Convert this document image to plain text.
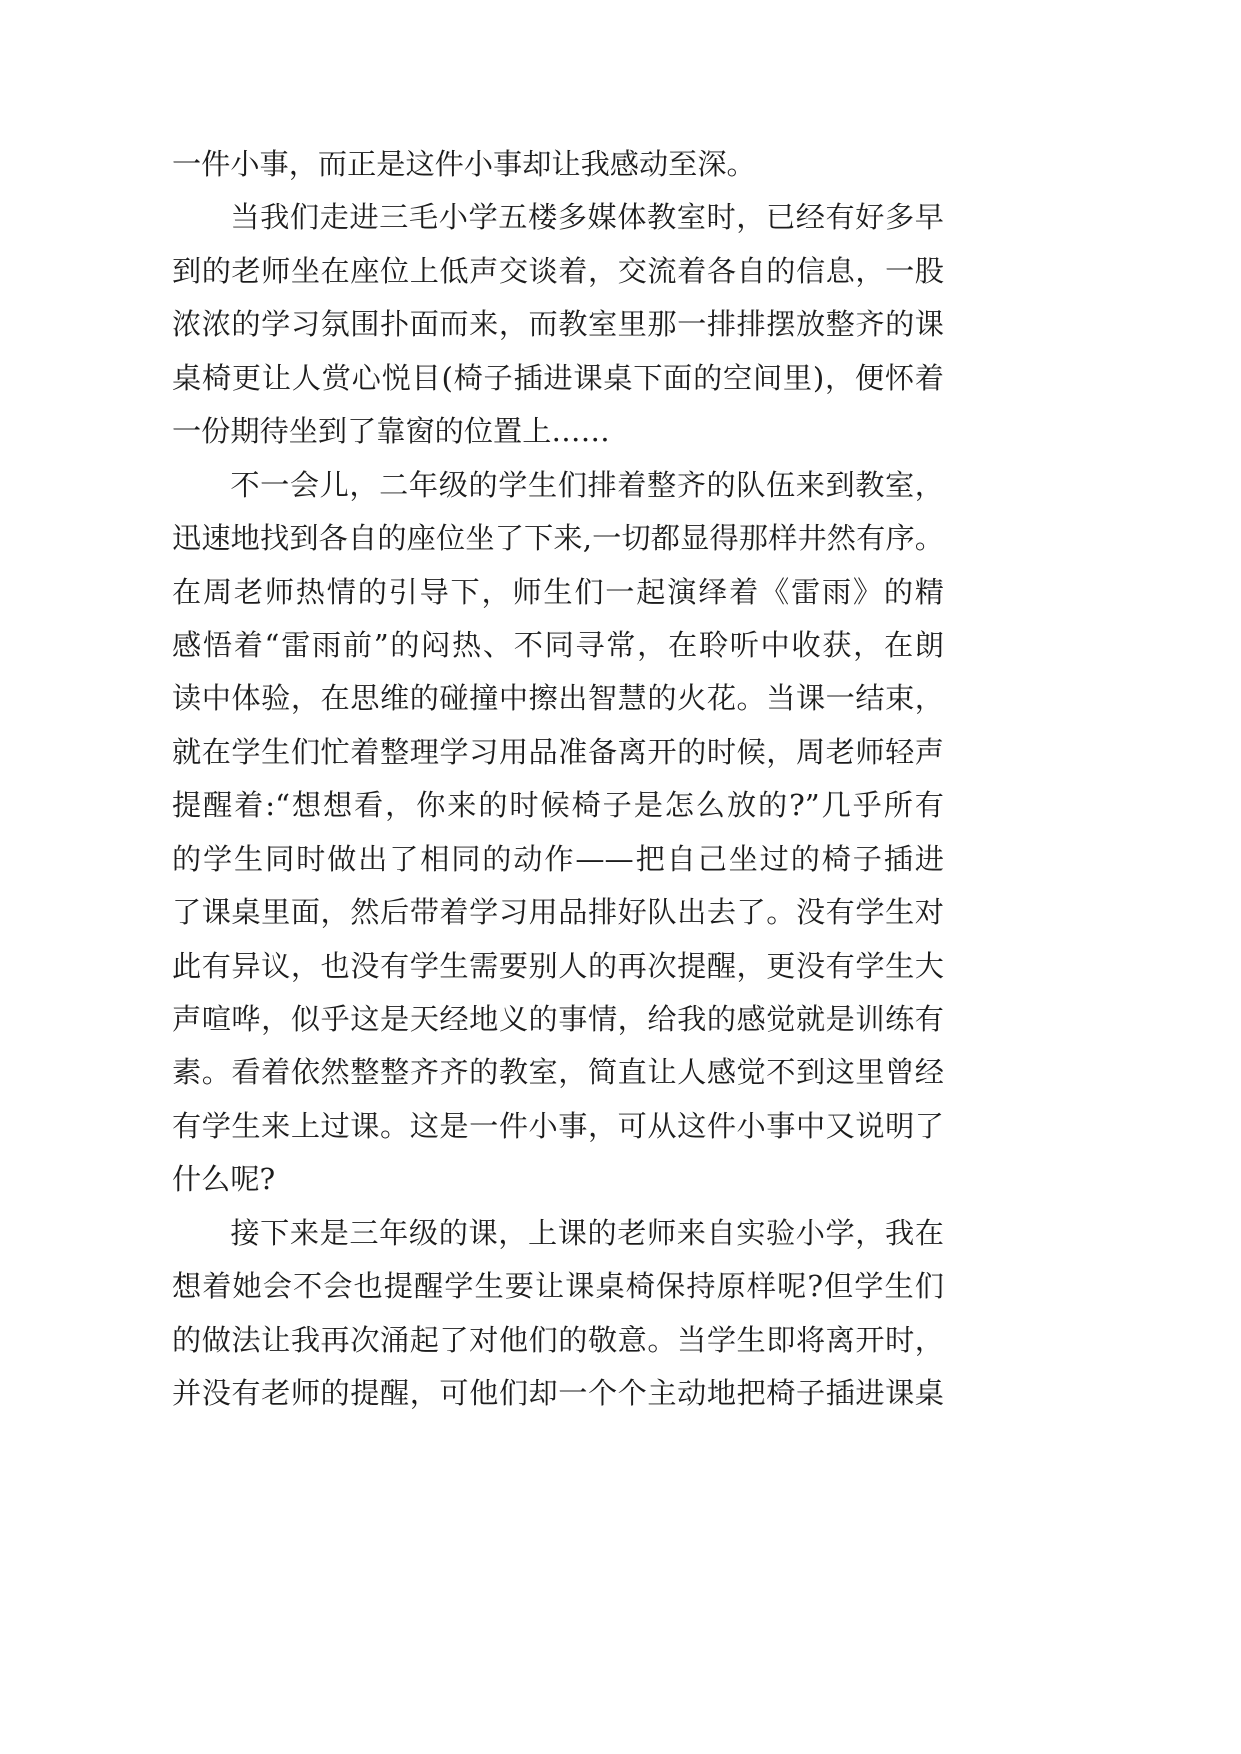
一件小事，而正是这件小事却让我感动至深。
当我们走进三毛小学五楼多媒体教室时，已经有好多早
到的老师坐在座位上低声交谈着，交流着各自的信息，一股
浓浓的学习氛围扑面而来，而教室里那一排排摆放整齐的课
桌椅更让人赏心悦目(椅子插进课桌下面的空间里)，便怀着
一份期待坐到了靠窗的位置上……
不一会儿，二年级的学生们排着整齐的队伍来到教室，
迅速地找到各自的座位坐了下来,一切都显得那样井然有序。
在周老师热情的引导下，师生们一起演绎着《雷雨》的精
感悟着“雷雨前”的闷热、不同寻常，在聆听中收获，在朗
读中体验，在思维的碰撞中擦出智慧的火花。当课一结束，
就在学生们忙着整理学习用品准备离开的时候，周老师轻声
提醒着:“想想看，你来的时候椅子是怎么放的?”几乎所有
的学生同时做出了相同的动作——把自己坐过的椅子插进
了课桌里面，然后带着学习用品排好队出去了。没有学生对
此有异议，也没有学生需要别人的再次提醒，更没有学生大
声喧哗，似乎这是天经地义的事情，给我的感觉就是训练有
素。看着依然整整齐齐的教室，简直让人感觉不到这里曾经
有学生来上过课。这是一件小事，可从这件小事中又说明了
什么呢?
接下来是三年级的课，上课的老师来自实验小学，我在
想着她会不会也提醒学生要让课桌椅保持原样呢?但学生们
的做法让我再次涌起了对他们的敬意。当学生即将离开时，
并没有老师的提醒，可他们却一个个主动地把椅子插进课桌
